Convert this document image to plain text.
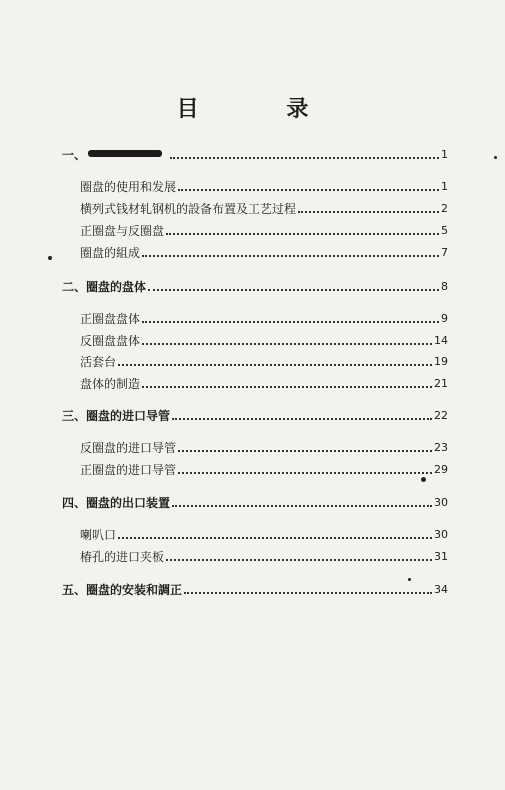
目 录
一、	1
圈盘的使用和发展	1
横列式钱材轧钢机的設备布置及工艺过程	2
正圈盘与反圈盘	5
圈盘的組成	7
二、圈盘的盘体	8
正圈盘盘体	9
反圈盘盘体	14
活套台	19
盘体的制造	21
三、圈盘的进口导管	22
反圈盘的进口导管	23
正圈盘的进口导管	29
四、圈盘的出口装置	30
喇叭口	30
椿孔的进口夹板	31
五、圈盘的安装和調正	34
